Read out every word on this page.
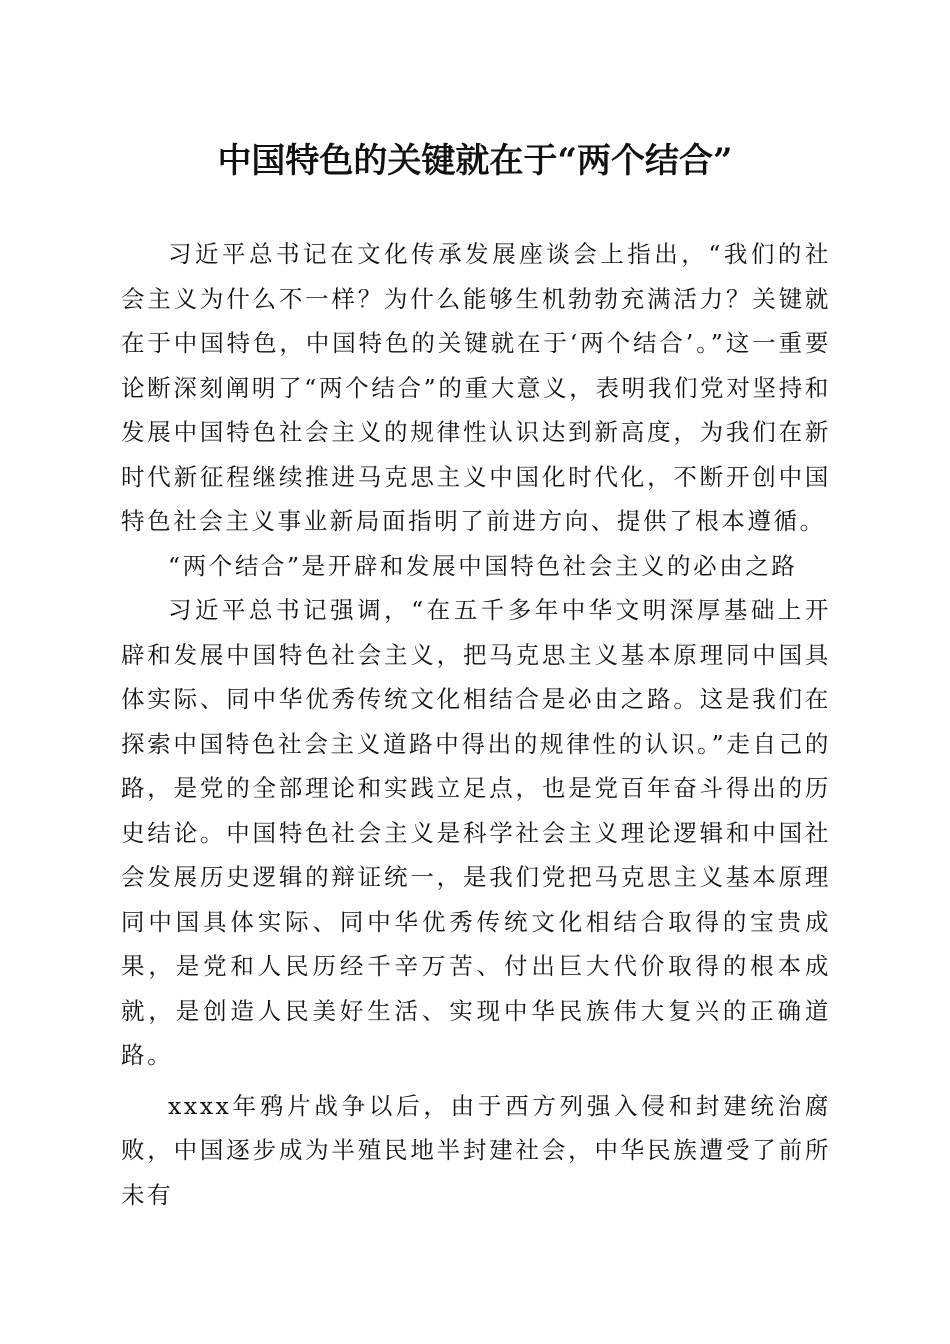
中国特色的关键就在于“两个结合”

习近平总书记在文化传承发展座谈会上指出，“我们的社会主义为什么不一样？为什么能够生机勃勃充满活力？关键就在于中国特色，中国特色的关键就在于‘两个结合’。”这一重要论断深刻阐明了“两个结合”的重大意义，表明我们党对坚持和发展中国特色社会主义的规律性认识达到新高度，为我们在新时代新征程继续推进马克思主义中国化时代化，不断开创中国特色社会主义事业新局面指明了前进方向、提供了根本遵循。

“两个结合”是开辟和发展中国特色社会主义的必由之路

习近平总书记强调，“在五千多年中华文明深厚基础上开辟和发展中国特色社会主义，把马克思主义基本原理同中国具体实际、同中华优秀传统文化相结合是必由之路。这是我们在探索中国特色社会主义道路中得出的规律性的认识。”走自己的路，是党的全部理论和实践立足点，也是党百年奋斗得出的历史结论。中国特色社会主义是科学社会主义理论逻辑和中国社会发展历史逻辑的辩证统一，是我们党把马克思主义基本原理同中国具体实际、同中华优秀传统文化相结合取得的宝贵成果，是党和人民历经千辛万苦、付出巨大代价取得的根本成就，是创造人民美好生活、实现中华民族伟大复兴的正确道路。

xxxx年鸦片战争以后，由于西方列强入侵和封建统治腐败，中国逐步成为半殖民地半封建社会，中华民族遭受了前所未有
